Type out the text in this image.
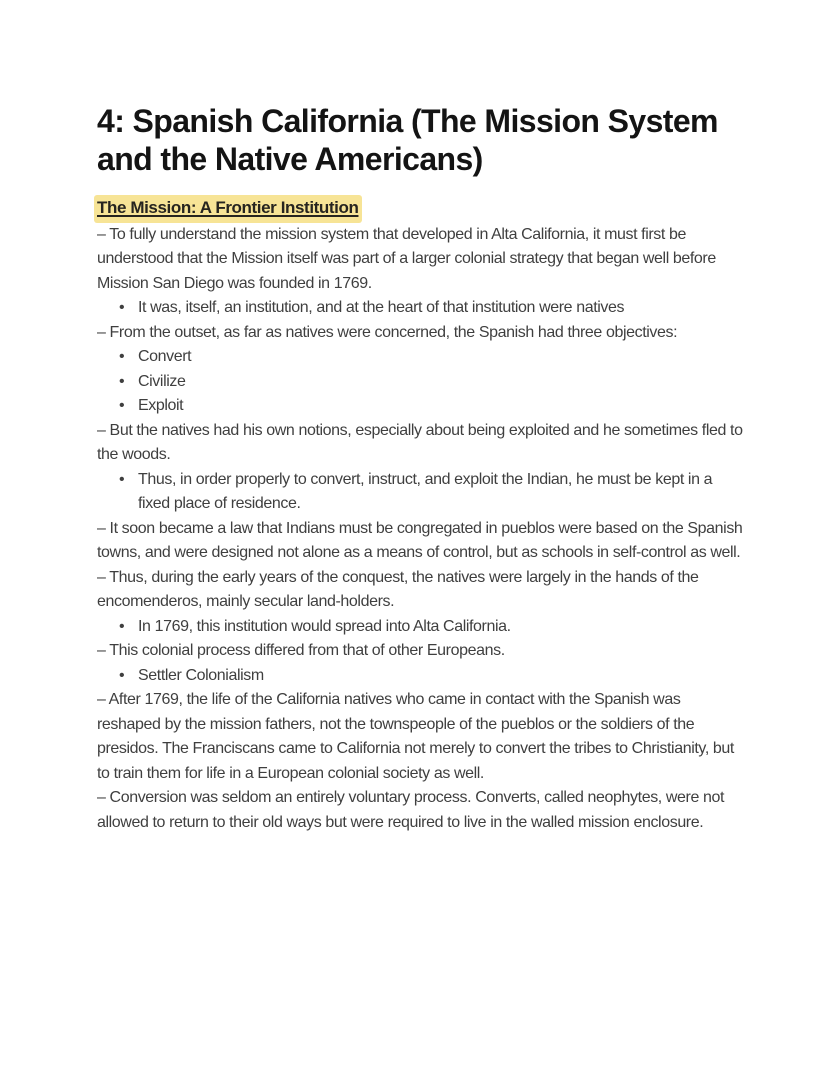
4: Spanish California (The Mission System and the Native Americans)
The Mission: A Frontier Institution

– To fully understand the mission system that developed in Alta California, it must first be understood that the Mission itself was part of a larger colonial strategy that began well before Mission San Diego was founded in 1769.

• It was, itself, an institution, and at the heart of that institution were natives

– From the outset, as far as natives were concerned, the Spanish had three objectives:

• Convert
• Civilize
• Exploit

– But the natives had his own notions, especially about being exploited and he sometimes fled to the woods.

• Thus, in order properly to convert, instruct, and exploit the Indian, he must be kept in a fixed place of residence.

– It soon became a law that Indians must be congregated in pueblos were based on the Spanish towns, and were designed not alone as a means of control, but as schools in self-control as well.

– Thus, during the early years of the conquest, the natives were largely in the hands of the encomenderos, mainly secular land-holders.

• In 1769, this institution would spread into Alta California.

– This colonial process differed from that of other Europeans.

• Settler Colonialism

– After 1769, the life of the California natives who came in contact with the Spanish was reshaped by the mission fathers, not the townspeople of the pueblos or the soldiers of the presidos. The Franciscans came to California not merely to convert the tribes to Christianity, but to train them for life in a European colonial society as well.

– Conversion was seldom an entirely voluntary process. Converts, called neophytes, were not allowed to return to their old ways but were required to live in the walled mission enclosure.
